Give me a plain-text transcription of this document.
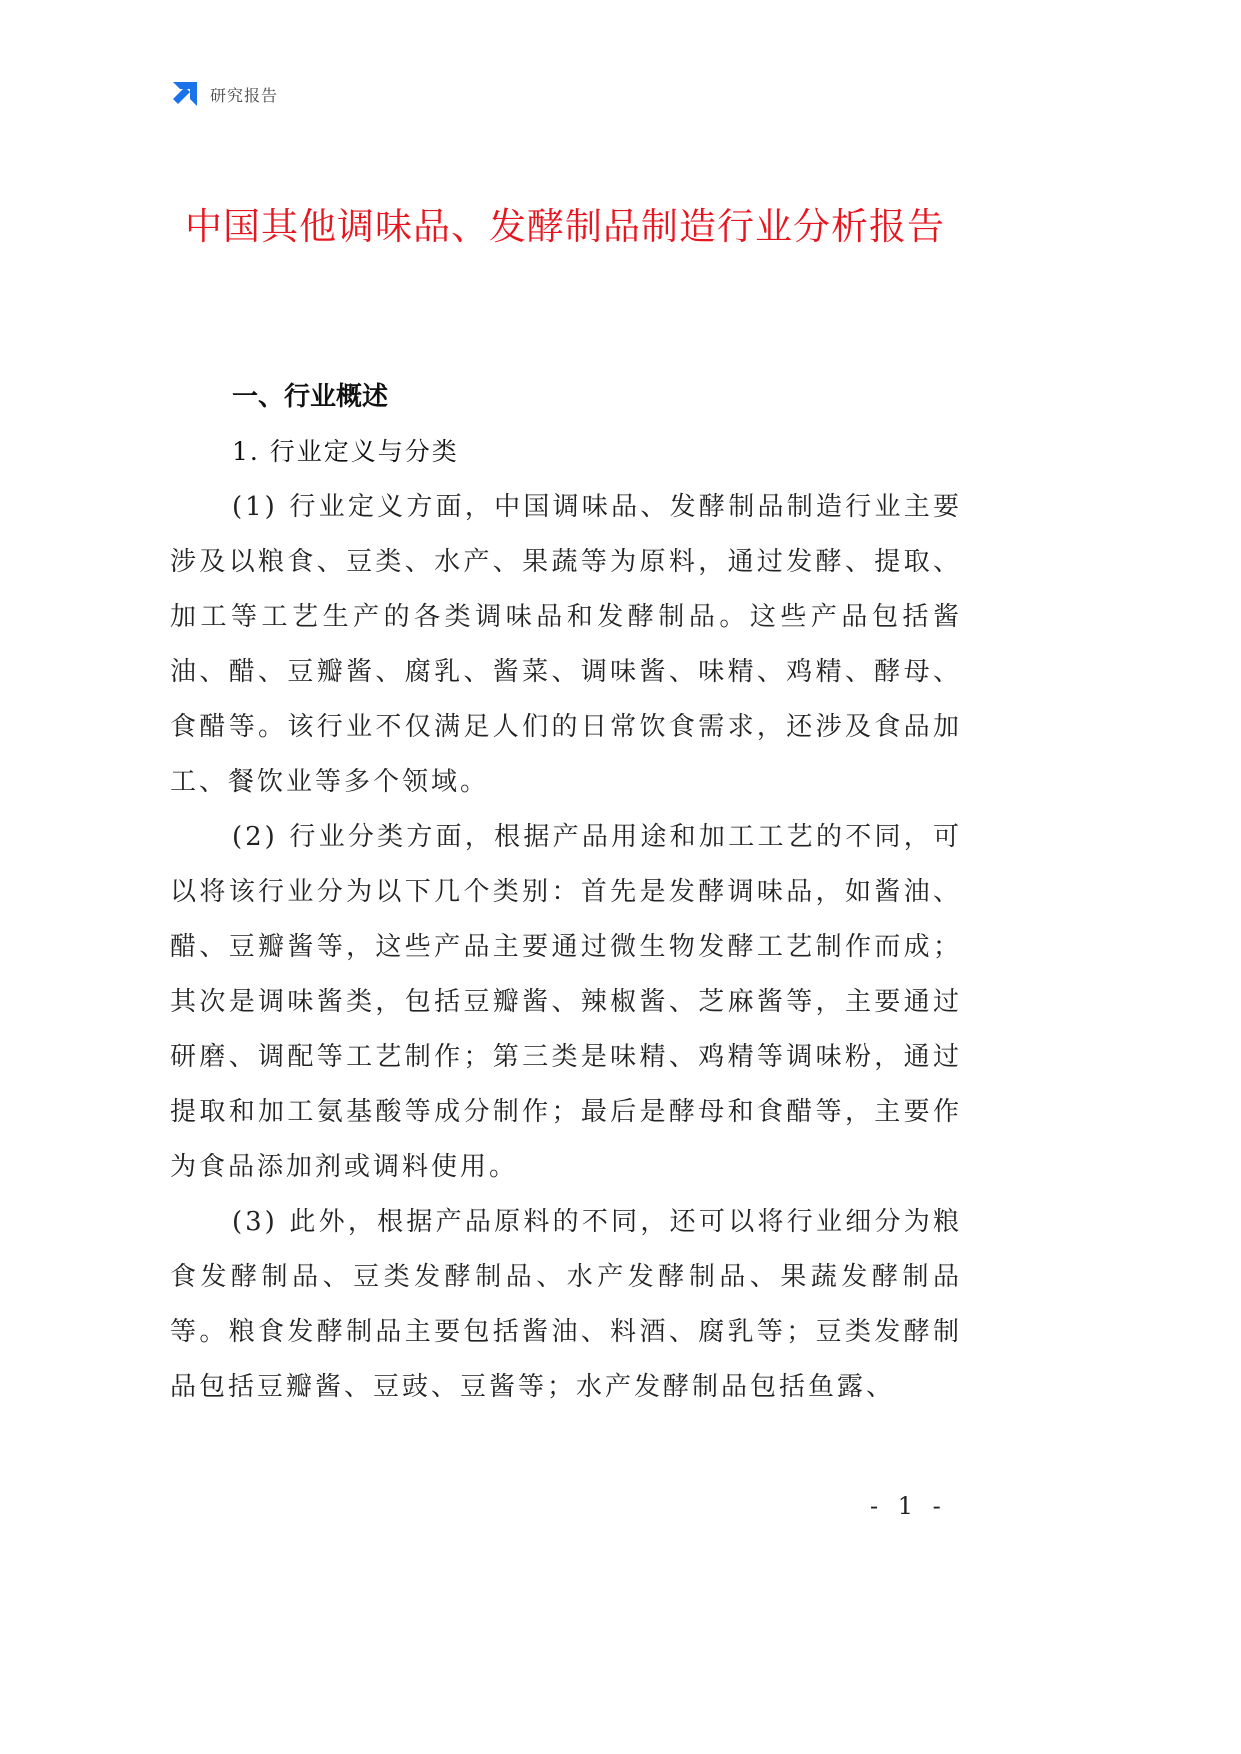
研究报告
中国其他调味品、发酵制品制造行业分析报告
一、行业概述
1. 行业定义与分类

(1) 行业定义方面，中国调味品、发酵制品制造行业主要涉及以粮食、豆类、水产、果蔬等为原料，通过发酵、提取、加工等工艺生产的各类调味品和发酵制品。这些产品包括酱油、醋、豆瓣酱、腐乳、酱菜、调味酱、味精、鸡精、酵母、食醋等。该行业不仅满足人们的日常饮食需求，还涉及食品加工、餐饮业等多个领域。

(2) 行业分类方面，根据产品用途和加工工艺的不同，可以将该行业分为以下几个类别：首先是发酵调味品，如酱油、醋、豆瓣酱等，这些产品主要通过微生物发酵工艺制作而成；其次是调味酱类，包括豆瓣酱、辣椒酱、芝麻酱等，主要通过研磨、调配等工艺制作；第三类是味精、鸡精等调味粉，通过提取和加工氨基酸等成分制作；最后是酵母和食醋等，主要作为食品添加剂或调料使用。

(3) 此外，根据产品原料的不同，还可以将行业细分为粮食发酵制品、豆类发酵制品、水产发酵制品、果蔬发酵制品等。粮食发酵制品主要包括酱油、料酒、腐乳等；豆类发酵制品包括豆瓣酱、豆豉、豆酱等；水产发酵制品包括鱼露、

- 1 -
